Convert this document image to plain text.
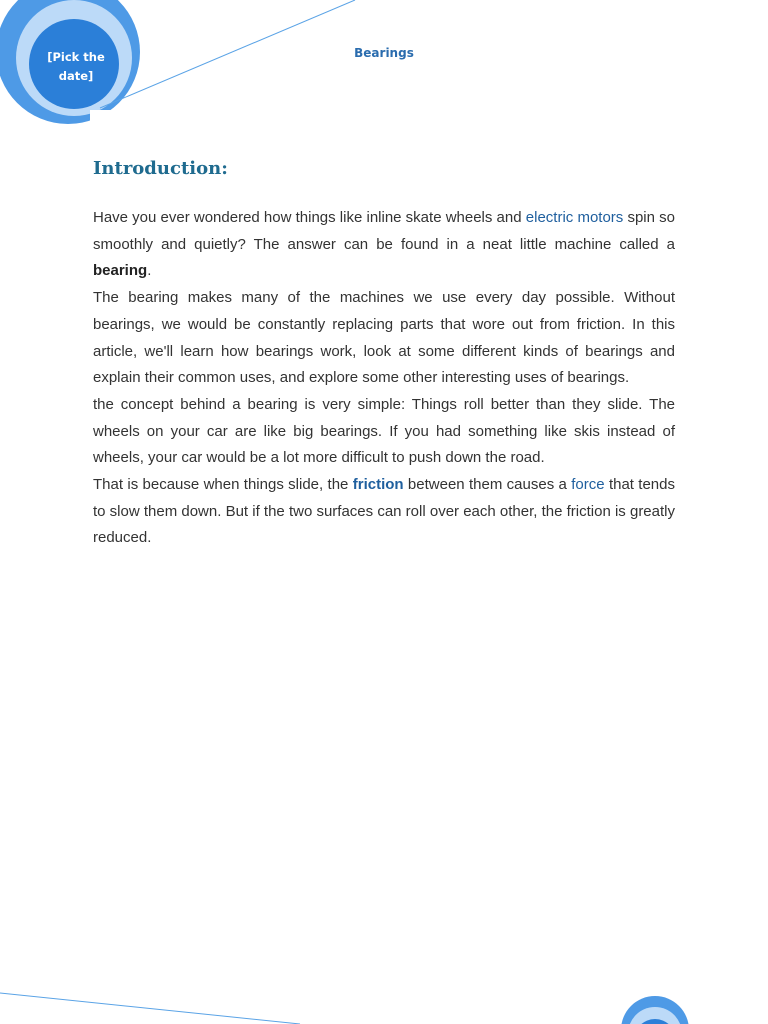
[Pick the date]
Bearings
Introduction:

Have you ever wondered how things like inline skate wheels and electric motors spin so smoothly and quietly? The answer can be found in a neat little machine called a bearing.

The bearing makes many of the machines we use every day possible. Without bearings, we would be constantly replacing parts that wore out from friction. In this article, we'll learn how bearings work, look at some different kinds of bearings and explain their common uses, and explore some other interesting uses of bearings.

the concept behind a bearing is very simple: Things roll better than they slide. The wheels on your car are like big bearings. If you had something like skis instead of wheels, your car would be a lot more difficult to push down the road.

That is because when things slide, the friction between them causes a force that tends to slow them down. But if the two surfaces can roll over each other, the friction is greatly reduced.
